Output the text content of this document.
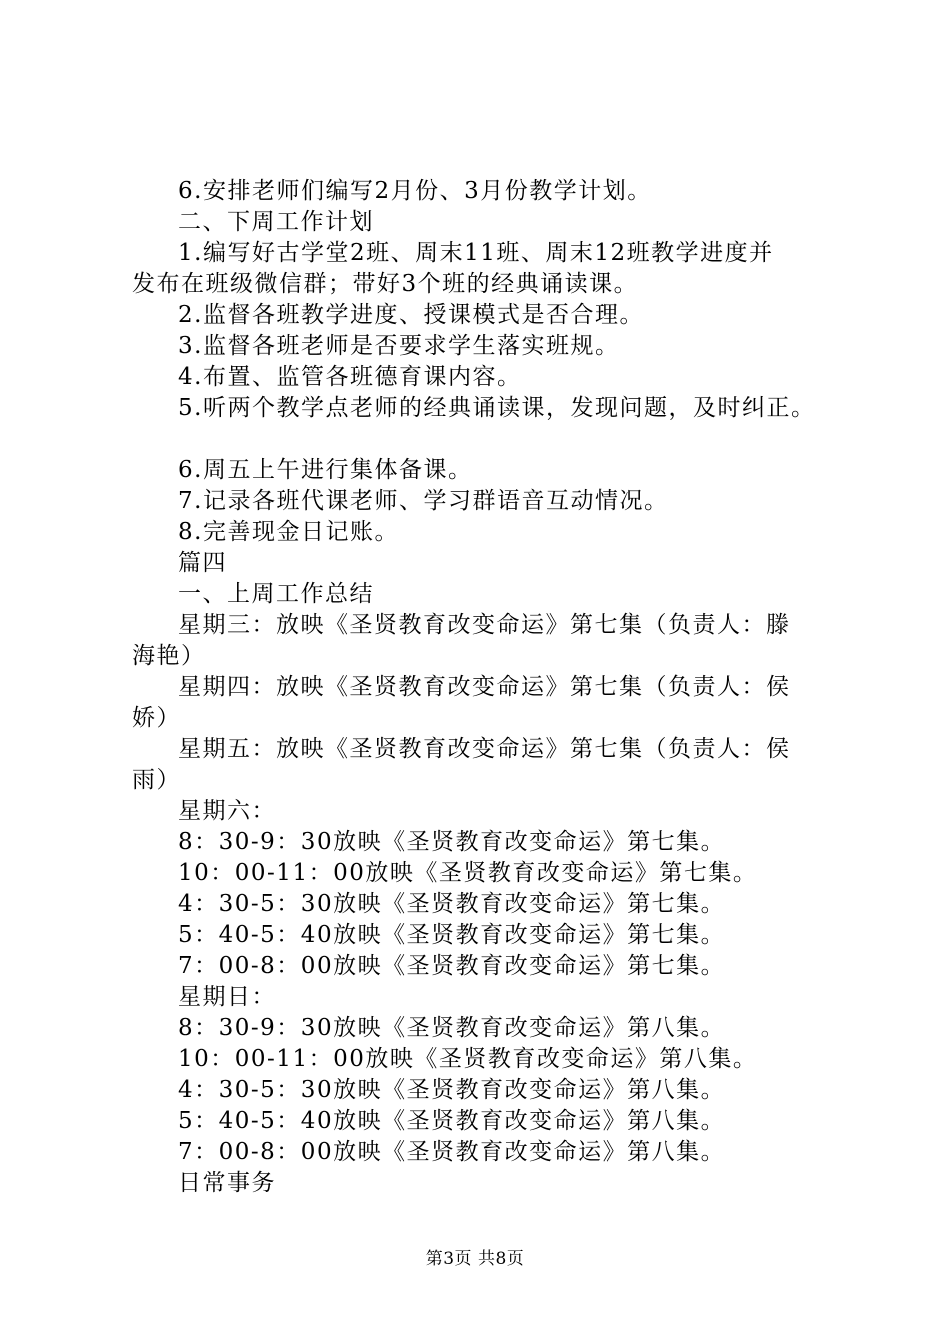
6.安排老师们编写2月份、3月份教学计划。
二、下周工作计划
1.编写好古学堂2班、周末11班、周末12班教学进度并
发布在班级微信群；带好3个班的经典诵读课。
2.监督各班教学进度、授课模式是否合理。
3.监督各班老师是否要求学生落实班规。
4.布置、监管各班德育课内容。
5.听两个教学点老师的经典诵读课，发现问题，及时纠正。
6.周五上午进行集体备课。
7.记录各班代课老师、学习群语音互动情况。
8.完善现金日记账。
篇四
一、上周工作总结
星期三：放映《圣贤教育改变命运》第七集（负责人：滕
海艳）
星期四：放映《圣贤教育改变命运》第七集（负责人：侯
娇）
星期五：放映《圣贤教育改变命运》第七集（负责人：侯
雨）
星期六：
8：30-9：30放映《圣贤教育改变命运》第七集。
10：00-11：00放映《圣贤教育改变命运》第七集。
4：30-5：30放映《圣贤教育改变命运》第七集。
5：40-5：40放映《圣贤教育改变命运》第七集。
7：00-8：00放映《圣贤教育改变命运》第七集。
星期日：
8：30-9：30放映《圣贤教育改变命运》第八集。
10：00-11：00放映《圣贤教育改变命运》第八集。
4：30-5：30放映《圣贤教育改变命运》第八集。
5：40-5：40放映《圣贤教育改变命运》第八集。
7：00-8：00放映《圣贤教育改变命运》第八集。
日常事务
第3页 共8页
